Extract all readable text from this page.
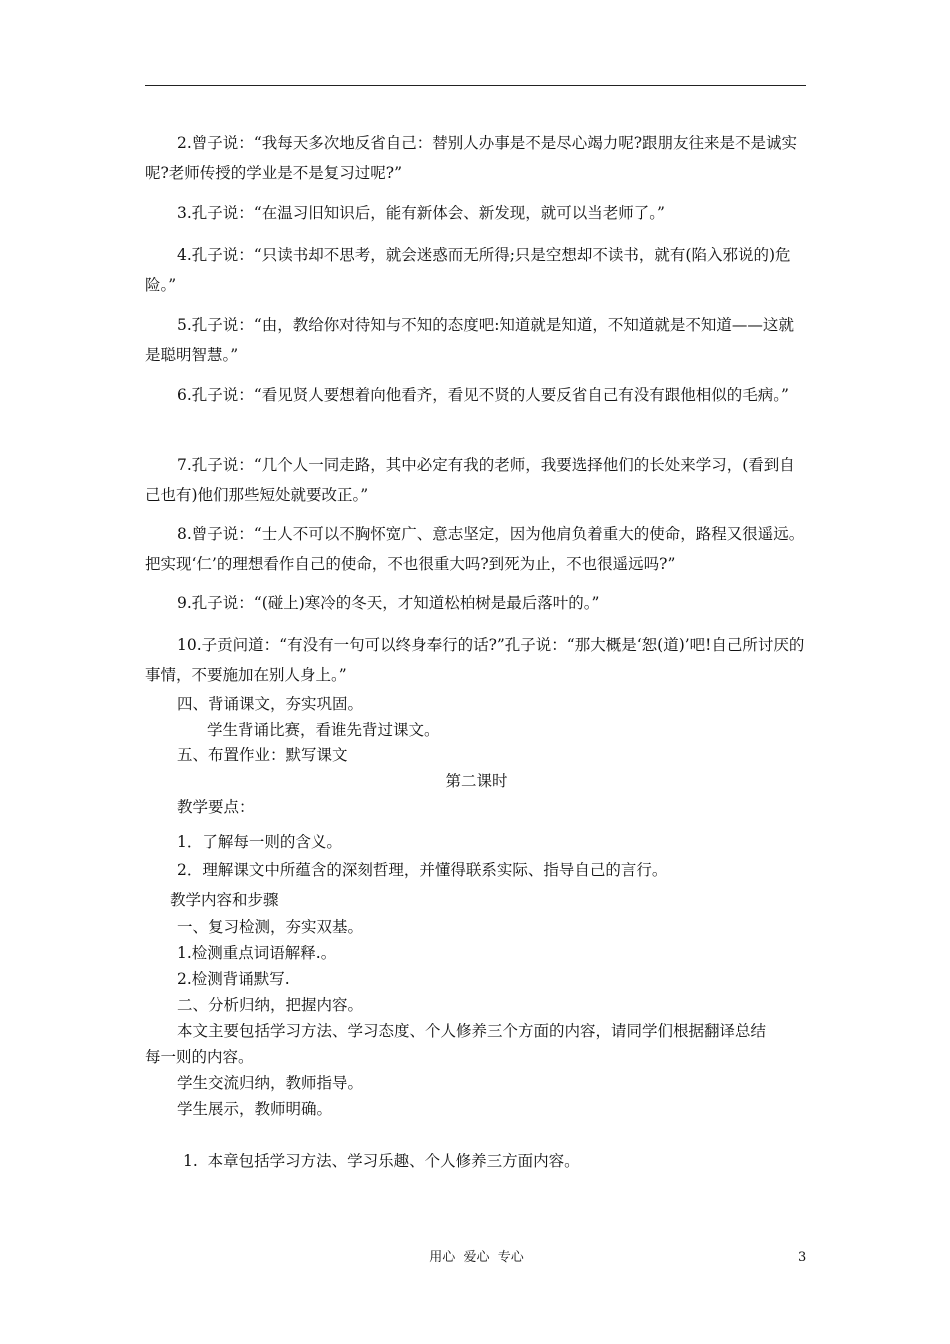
2.曾子说：“我每天多次地反省自己：替别人办事是不是尽心竭力呢?跟朋友往来是不是诚实呢?老师传授的学业是不是复习过呢?”

3.孔子说：“在温习旧知识后，能有新体会、新发现，就可以当老师了。”

4.孔子说：“只读书却不思考，就会迷惑而无所得;只是空想却不读书，就有(陷入邪说的)危险。”

5.孔子说：“由，教给你对待知与不知的态度吧:知道就是知道，不知道就是不知道——这就是聪明智慧。”

6.孔子说：“看见贤人要想着向他看齐，看见不贤的人要反省自己有没有跟他相似的毛病。”

7.孔子说：“几个人一同走路，其中必定有我的老师，我要选择他们的长处来学习，(看到自己也有)他们那些短处就要改正。”

8.曾子说：“士人不可以不胸怀宽广、意志坚定，因为他肩负着重大的使命，路程又很遥远。把实现‘仁’的理想看作自己的使命，不也很重大吗?到死为止，不也很遥远吗?”

9.孔子说：“(碰上)寒冷的冬天，才知道松柏树是最后落叶的。”

10.子贡问道：“有没有一句可以终身奉行的话?”孔子说：“那大概是‘恕(道)’吧!自己所讨厌的事情，不要施加在别人身上。”

四、背诵课文，夯实巩固。
学生背诵比赛，看谁先背过课文。
五、布置作业：默写课文
第二课时
教学要点：
1．了解每一则的含义。
2．理解课文中所蕴含的深刻哲理，并懂得联系实际、指导自己的言行。
教学内容和步骤
一、复习检测，夯实双基。
1.检测重点词语解释.。
2.检测背诵默写.
二、分析归纳，把握内容。
本文主要包括学习方法、学习态度、个人修养三个方面的内容，请同学们根据翻译总结
每一则的内容。
学生交流归纳，教师指导。
学生展示，教师明确。
1.  本章包括学习方法、学习乐趣、个人修养三方面内容。
用心  爱心  专心	3
